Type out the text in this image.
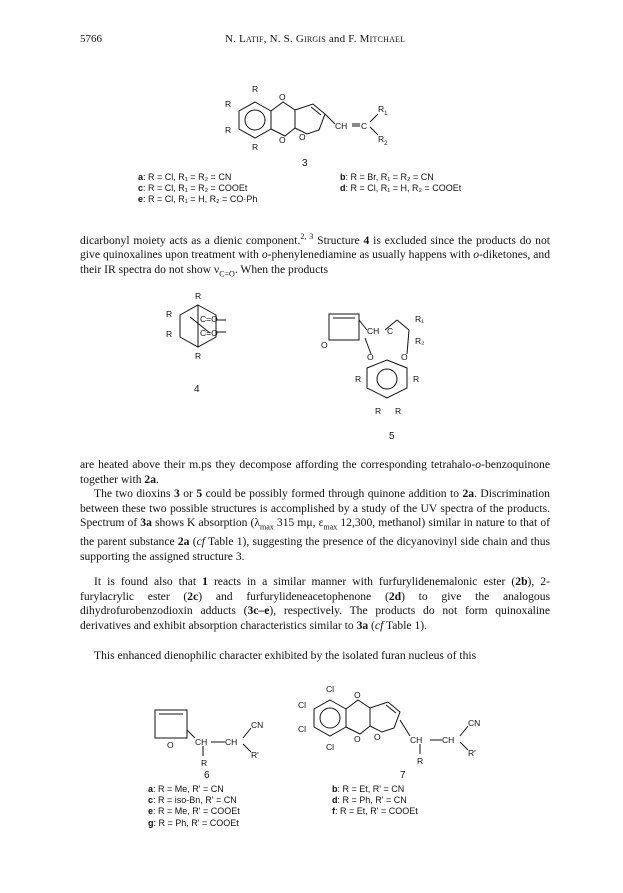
5766	N. Latif, N. S. Girgis and F. Mitchael
R
R
R
R
O
O O
CH C
$R_1$
$R_2$
3
a: R = Cl, R₁ = R₂ = CN
c: R = Cl, R₁ = R₂ = COOEt
e: R = Cl, R₁ = H, R₂ = CO·Ph
b: R = Br, R₁ = R₂ = CN
d: R = Cl, R₁ = H, R₂ = COOEt

dicarbonyl moiety acts as a dienic component.$^{2, 3}$ Structure 4 is excluded since the products do not give quinoxalines upon treatment with o-phenylenediamine as usually happens with o-diketones, and their IR spectra do not show $\nu_{C=O}$. When the products

R
R
R
R
C=O
C=O
4
O
CH C
R₁
R₂
O	O
R	R
R R
5

are heated above their m.ps they decompose affording the corresponding tetrahalo-o-benzoquinone together with 2a.

The two dioxins 3 or 5 could be possibly formed through quinone addition to 2a. Discrimination between these two possible structures is accomplished by a study of the UV spectra of the products. Spectrum of 3a shows K absorption ($\lambda_{max}$ 315 mμ, $\varepsilon_{max}$ 12,300, methanol) similar in nature to that of the parent substance 2a (cf Table 1), suggesting the presence of the dicyanovinyl side chain and thus supporting the assigned structure 3.

It is found also that 1 reacts in a similar manner with furfurylidenemalonic ester (2b), 2-furylacrylic ester (2c) and furfurylideneacetophenone (2d) to give the analogous dihydrofurobenzodioxin adducts (3c–e), respectively. The products do not form quinoxaline derivatives and exhibit absorption characteristics similar to 3a (cf Table 1).

This enhanced dienophilic character exhibited by the isolated furan nucleus of this

O	CH CH
R
CN
R'
6
Cl
Cl
Cl
Cl
O
O O	CH CH
R
CN
R'
7
a: R = Me, R' = CN
c: R = iso-Bn, R' = CN
e: R = Me, R' = COOEt
g: R = Ph, R' = COOEt
b: R = Et, R' = CN
d: R = Ph, R' = CN
f: R = Et, R' = COOEt
